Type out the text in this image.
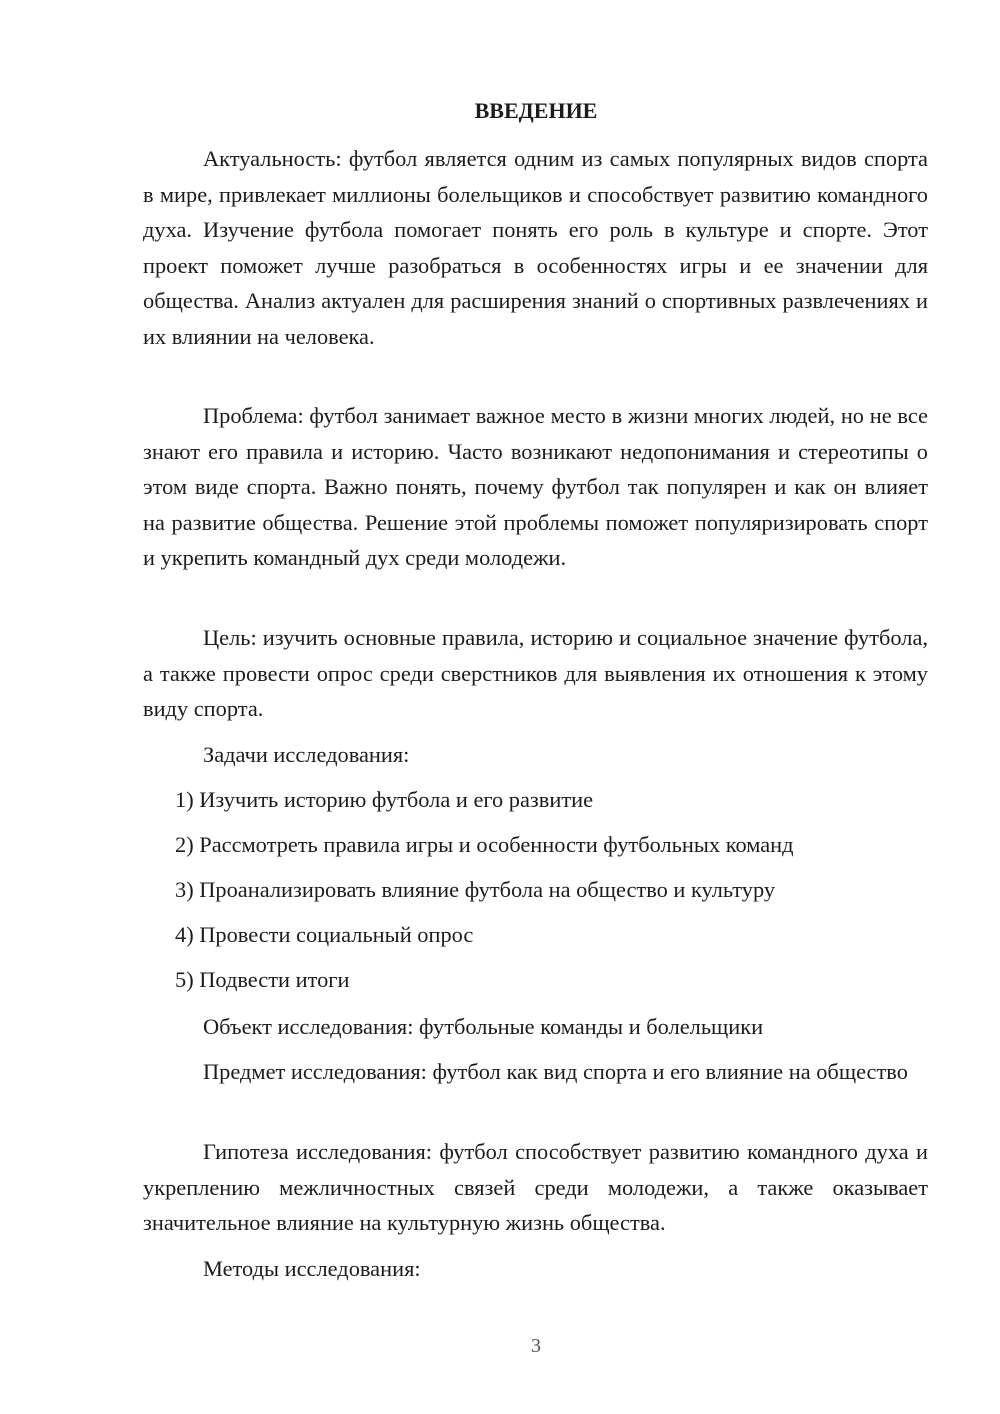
ВВЕДЕНИЕ

Актуальность: футбол является одним из самых популярных видов спорта в мире, привлекает миллионы болельщиков и способствует развитию командного духа. Изучение футбола помогает понять его роль в культуре и спорте. Этот проект поможет лучше разобраться в особенностях игры и ее значении для общества. Анализ актуален для расширения знаний о спортивных развлечениях и их влиянии на человека.

Проблема: футбол занимает важное место в жизни многих людей, но не все знают его правила и историю. Часто возникают недопонимания и стереотипы о этом виде спорта. Важно понять, почему футбол так популярен и как он влияет на развитие общества. Решение этой проблемы поможет популяризировать спорт и укрепить командный дух среди молодежи.

Цель: изучить основные правила, историю и социальное значение футбола, а также провести опрос среди сверстников для выявления их отношения к этому виду спорта.

Задачи исследования:

1) Изучить историю футбола и его развитие

2) Рассмотреть правила игры и особенности футбольных команд

3) Проанализировать влияние футбола на общество и культуру

4) Провести социальный опрос

5) Подвести итоги

Объект исследования: футбольные команды и болельщики

Предмет исследования: футбол как вид спорта и его влияние на общество

Гипотеза исследования: футбол способствует развитию командного духа и укреплению межличностных связей среди молодежи, а также оказывает значительное влияние на культурную жизнь общества.

Методы исследования:

3
